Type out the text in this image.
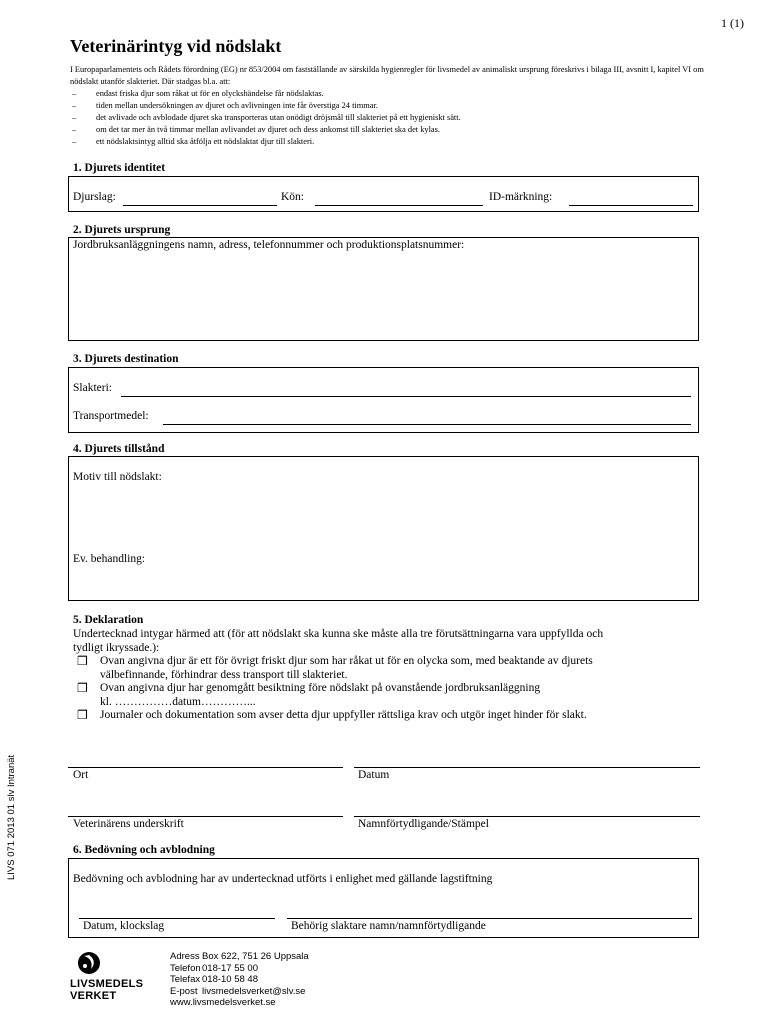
1 (1)
Veterinärintyg vid nödslakt
I Europaparlamentets och Rådets förordning (EG) nr 853/2004 om fastställande av särskilda hygienregler för livsmedel av animaliskt ursprung föreskrivs i bilaga III, avsnitt I, kapitel VI om nödslakt utanför slakteriet. Där stadgas bl.a. att:
– endast friska djur som råkat ut för en olyckshändelse får nödslaktas.
– tiden mellan undersökningen av djuret och avlivningen inte får överstiga 24 timmar.
– det avlivade och avblodade djuret ska transporteras utan onödigt dröjsmål till slakteriet på ett hygieniskt sätt.
– om det tar mer än två timmar mellan avlivandet av djuret och dess ankomst till slakteriet ska det kylas.
– ett nödslaktsintyg alltid ska åtfölja ett nödslaktat djur till slakteri.
1. Djurets identitet
Djurslag:	Kön:	ID-märkning:
2. Djurets ursprung
Jordbruksanläggningens namn, adress, telefonnummer och produktionsplatsnummer:
3. Djurets destination
Slakteri:
Transportmedel:
4. Djurets tillstånd
Motiv till nödslakt:
Ev. behandling:
5. Deklaration
Undertecknad intygar härmed att (för att nödslakt ska kunna ske måste alla tre förutsättningarna vara uppfyllda och
tydligt ikryssade.):
❒ Ovan angivna djur är ett för övrigt friskt djur som har råkat ut för en olycka som, med beaktande av djurets
välbefinnande, förhindrar dess transport till slakteriet.
❒ Ovan angivna djur har genomgått besiktning före nödslakt på ovanstående jordbruksanläggning
kl. ……………datum…………...
❒ Journaler och dokumentation som avser detta djur uppfyller rättsliga krav och utgör inget hinder för slakt.
Ort	Datum
Veterinärens underskrift	Namnförtydligande/Stämpel
6. Bedövning och avblodning
Bedövning och avblodning har av undertecknad utförts i enlighet med gällande lagstiftning
Datum, klockslag	Behörig slaktare namn/namnförtydligande
LIVS 071 2013 01 slv Intranät
LIVSMEDELS
VERKET
Adress Box 622, 751 26 Uppsala
Telefon018-17 55 00
Telefax 018-10 58 48
E-post livsmedelsverket@slv.se
www.livsmedelsverket.se
